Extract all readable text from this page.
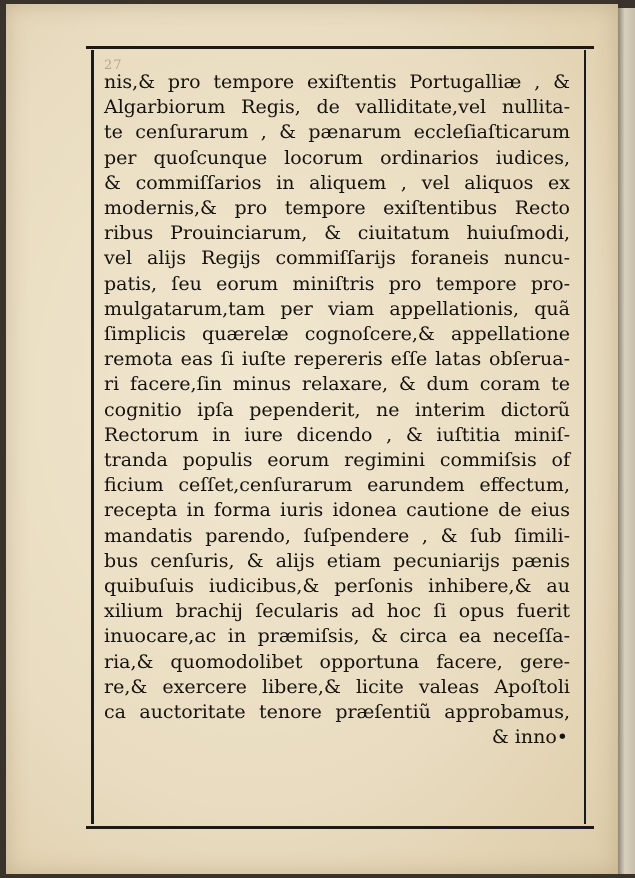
27
nis,& pro tempore exiſtentis Portugalliæ , &
Algarbiorum Regis, de valliditate,vel nullita-
te cenſurarum , & pænarum eccleſiaſticarum
per quoſcunque locorum ordinarios iudices,
& commiſſarios in aliquem , vel aliquos ex
modernis,& pro tempore exiſtentibus Recto
ribus Prouinciarum, & ciuitatum huiuſmodi,
vel alijs Regijs commiſſarijs foraneis nuncu-
patis, ſeu eorum miniſtris pro tempore pro-
mulgatarum,tam per viam appellationis, quã
ſimplicis quærelæ cognoſcere,& appellatione
remota eas ſi iuſte repereris eſſe latas obſerua-
ri facere,ſin minus relaxare, & dum coram te
cognitio ipſa pependerit, ne interim dictorũ
Rectorum in iure dicendo , & iuſtitia miniſ-
tranda populis eorum regimini commiſsis of
ficium ceſſet,cenſurarum earundem effectum,
recepta in forma iuris idonea cautione de eius
mandatis parendo, ſuſpendere , & ſub ſimili-
bus cenſuris, & alijs etiam pecuniarijs pænis
quibuſuis iudicibus,& perſonis inhibere,& au
xilium brachij ſecularis ad hoc ſi opus fuerit
inuocare,ac in præmiſsis, & circa ea neceſſa-
ria,& quomodolibet opportuna facere, gere-
re,& exercere libere,& licite valeas Apoſtoli
ca auctoritate tenore præſentiũ approbamus,
& inno•
